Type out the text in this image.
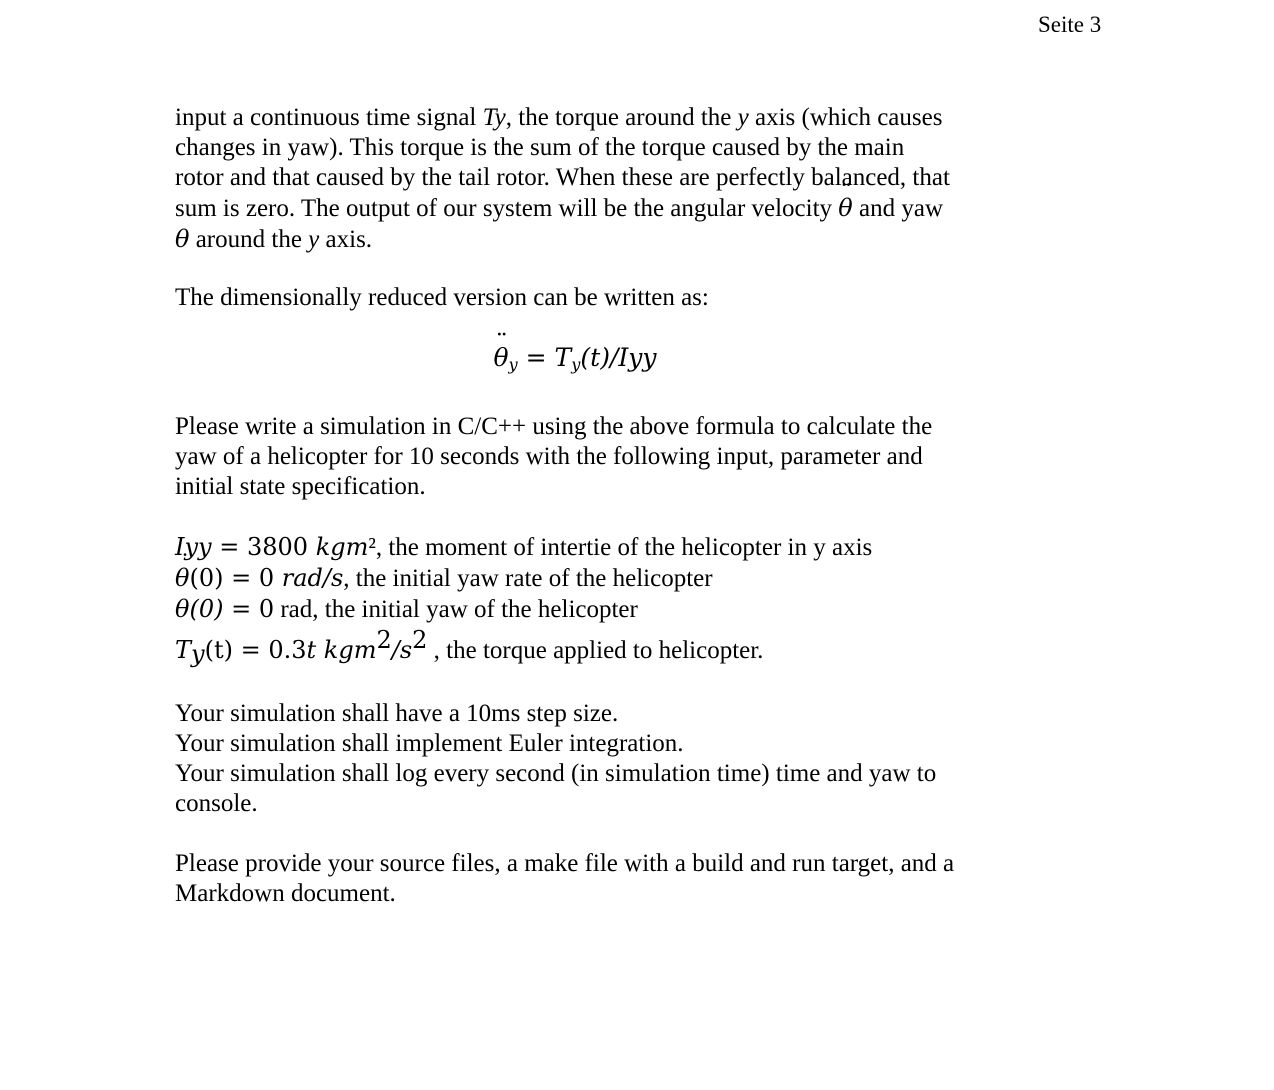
Seite 3

input a continuous time signal Ty, the torque around the y axis (which causes
changes in yaw). This torque is the sum of the torque caused by the main
rotor and that caused by the tail rotor. When these are perfectly balanced, that
sum is zero. The output of our system will be the angular velocity ¨ θ and yaw
θ around the y axis.

The dimensionally reduced version can be written as:

¨ $\theta_y = T_y(t)/Iyy$

Please write a simulation in C/C++ using the above formula to calculate the
yaw of a helicopter for 10 seconds with the following input, parameter and
initial state specification.

Iyy = 3800 kgm², the moment of intertie of the helicopter in y axis
˙ θ(0) = 0 rad/s, the initial yaw rate of the helicopter
θ(0) = 0 rad, the initial yaw of the helicopter
$T_y(t) = 0.3t$ $kgm^2/s^2$ , the torque applied to helicopter.

Your simulation shall have a 10ms step size.
Your simulation shall implement Euler integration.
Your simulation shall log every second (in simulation time) time and yaw to
console.

Please provide your source files, a make file with a build and run target, and a
Markdown document.
